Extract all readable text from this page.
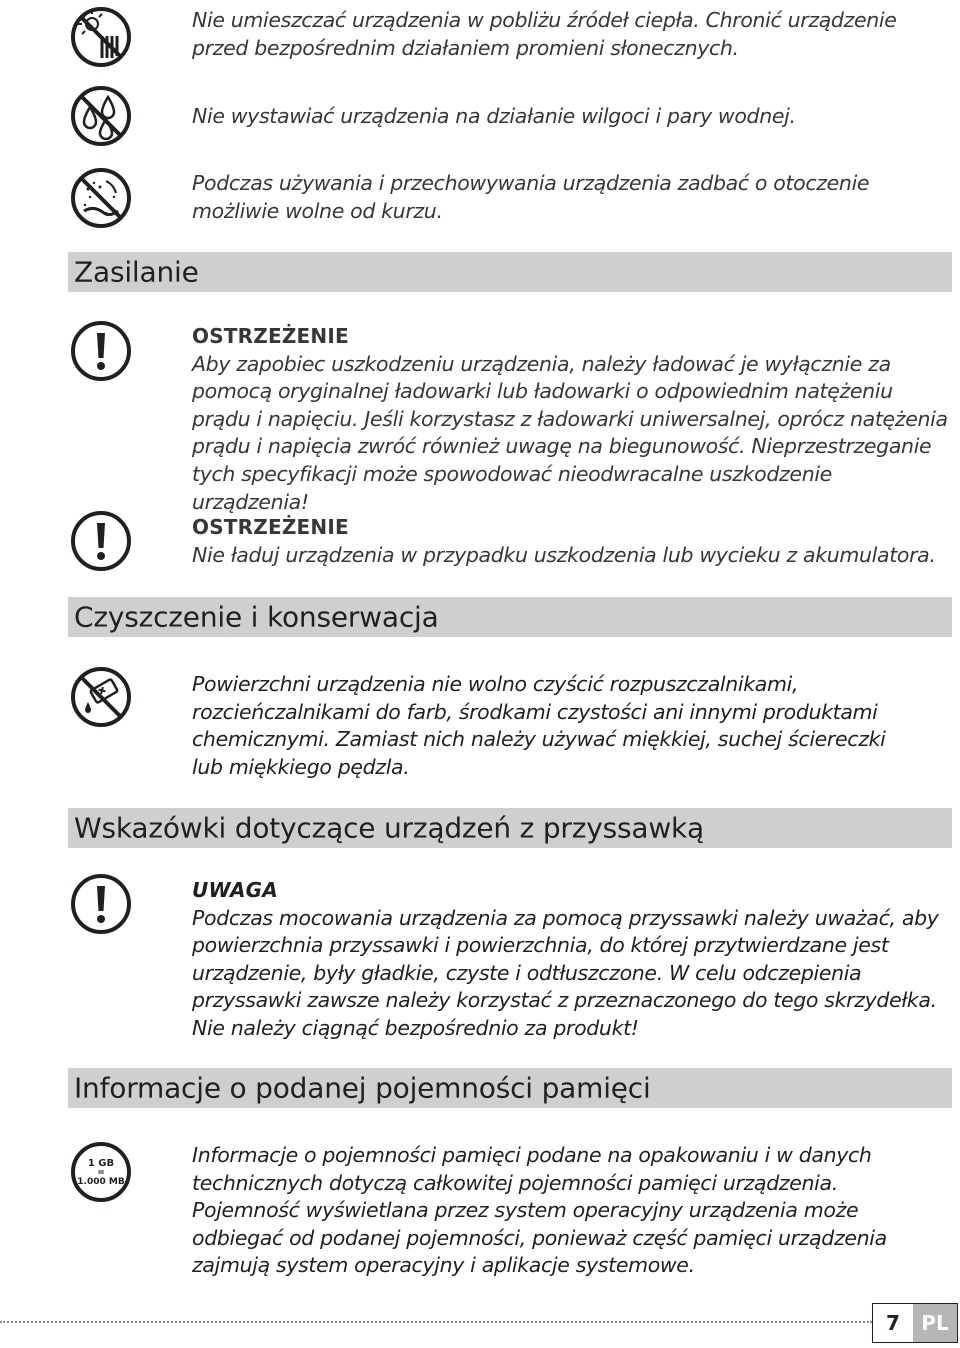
Nie umieszczać urządzenia w pobliżu źródeł ciepła. Chronić urządzenie przed bezpośrednim działaniem promieni słonecznych.
Nie wystawiać urządzenia na działanie wilgoci i pary wodnej.
Podczas używania i przechowywania urządzenia zadbać o otoczenie możliwie wolne od kurzu.
Zasilanie
OSTRZEŻENIE

Aby zapobiec uszkodzeniu urządzenia, należy ładować je wyłącznie za pomocą oryginalnej ładowarki lub ładowarki o odpowiednim natężeniu prądu i napięciu. Jeśli korzystasz z ładowarki uniwersalnej, oprócz natężenia prądu i napięcia zwróć również uwagę na biegunowość. Nieprzestrzeganie tych specyfikacji może spowodować nieodwracalne uszkodzenie urządzenia!

OSTRZEŻENIE

Nie ładuj urządzenia w przypadku uszkodzenia lub wycieku z akumulatora.

Czyszczenie i konserwacja
Powierzchni urządzenia nie wolno czyścić rozpuszczalnikami, rozcieńczalnikami do farb, środkami czystości ani innymi produktami chemicznymi. Zamiast nich należy używać miękkiej, suchej ściereczki lub miękkiego pędzla.
Wskazówki dotyczące urządzeń z przyssawką
UWAGA

Podczas mocowania urządzenia za pomocą przyssawki należy uważać, aby powierzchnia przyssawki i powierzchnia, do której przytwierdzane jest urządzenie, były gładkie, czyste i odtłuszczone. W celu odczepienia przyssawki zawsze należy korzystać z przeznaczonego do tego skrzydełka. Nie należy ciągnąć bezpośrednio za produkt!

Informacje o podanej pojemności pamięci
1 GB
=
1.000 MB
Informacje o pojemności pamięci podane na opakowaniu i w danych technicznych dotyczą całkowitej pojemności pamięci urządzenia. Pojemność wyświetlana przez system operacyjny urządzenia może odbiegać od podanej pojemności, ponieważ część pamięci urządzenia zajmują system operacyjny i aplikacje systemowe.
7	PL
